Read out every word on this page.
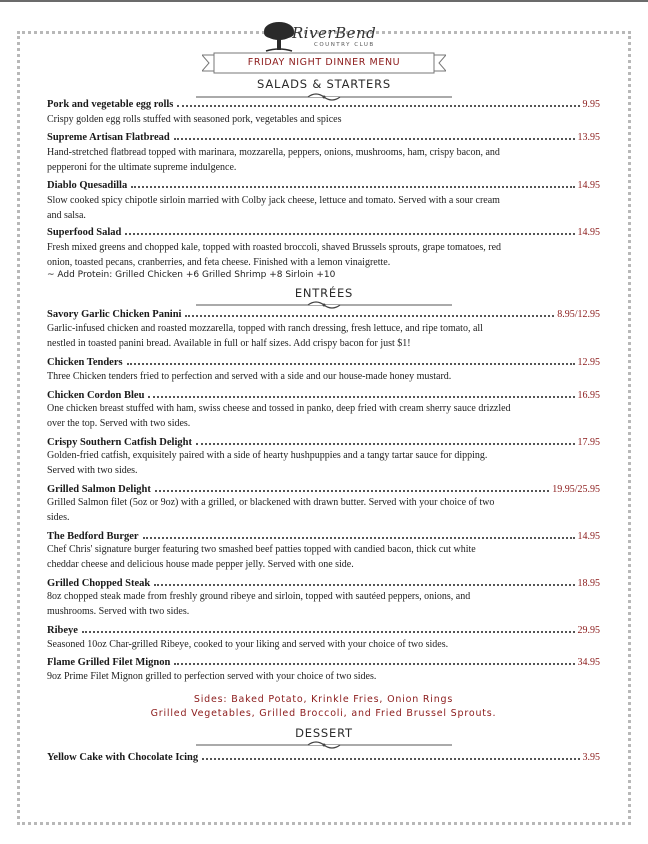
RiverBend
COUNTRY CLUB
FRIDAY NIGHT DINNER MENU
SALADS & STARTERS
Pork and vegetable egg rolls	9.95
Crispy golden egg rolls stuffed with seasoned pork, vegetables and spices
Supreme Artisan Flatbread	13.95
Hand-stretched flatbread topped with marinara, mozzarella, peppers, onions, mushrooms, ham, crispy bacon, and
pepperoni for the ultimate supreme indulgence.
Diablo Quesadilla	14.95
Slow cooked spicy chipotle sirloin married with Colby jack cheese, lettuce and tomato. Served with a sour cream
and salsa.
Superfood Salad	14.95
Fresh mixed greens and chopped kale, topped with roasted broccoli, shaved Brussels sprouts, grape tomatoes, red
onion, toasted pecans, cranberries, and feta cheese. Finished with a lemon vinaigrette.
~ Add Protein: Grilled Chicken +6 Grilled Shrimp +8 Sirloin +10
ENTRÉES
Savory Garlic Chicken Panini	8.95/12.95
Garlic-infused chicken and roasted mozzarella, topped with ranch dressing, fresh lettuce, and ripe tomato, all
nestled in toasted panini bread. Available in full or half sizes. Add crispy bacon for just $1!
Chicken Tenders	12.95
Three Chicken tenders fried to perfection and served with a side and our house-made honey mustard.
Chicken Cordon Bleu	16.95
One chicken breast stuffed with ham, swiss cheese and tossed in panko, deep fried with cream sherry sauce drizzled
over the top. Served with two sides.
Crispy Southern Catfish Delight	17.95
Golden-fried catfish, exquisitely paired with a side of hearty hushpuppies and a tangy tartar sauce for dipping.
Served with two sides.
Grilled Salmon Delight	19.95/25.95
Grilled Salmon filet (5oz or 9oz) with a grilled, or blackened with drawn butter. Served with your choice of two
sides.
The Bedford Burger	14.95
Chef Chris' signature burger featuring two smashed beef patties topped with candied bacon, thick cut white
cheddar cheese and delicious house made pepper jelly. Served with one side.
Grilled Chopped Steak	18.95
8oz chopped steak made from freshly ground ribeye and sirloin, topped with sautéed peppers, onions, and
mushrooms. Served with two sides.
Ribeye	29.95
Seasoned 10oz Char-grilled Ribeye, cooked to your liking and served with your choice of two sides.
Flame Grilled Filet Mignon	34.95
9oz Prime Filet Mignon grilled to perfection served with your choice of two sides.
Sides: Baked Potato, Krinkle Fries, Onion Rings
Grilled Vegetables, Grilled Broccoli, and Fried Brussel Sprouts.
DESSERT
Yellow Cake with Chocolate Icing	3.95
